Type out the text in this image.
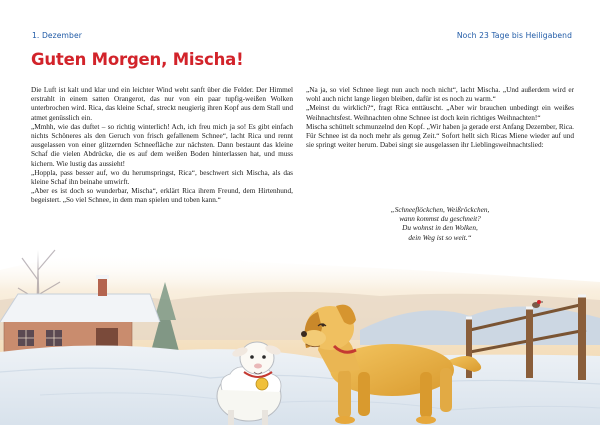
1. Dezember	Noch 23 Tage bis Heiligabend
Guten Morgen, Mischa!

Die Luft ist kalt und klar und ein leichter Wind weht sanft über die Felder. Der Himmel erstrahlt in einem satten Orangerot, das nur von ein paar tupfig-weißen Wolken unterbrochen wird. Rica, das kleine Schaf, streckt neugierig ihren Kopf aus dem Stall und atmet genüsslich ein.

„Mmhh, wie das duftet – so richtig winterlich! Ach, ich freu mich ja so! Es gibt einfach nichts Schöneres als den Geruch von frisch gefallenem Schnee“, lacht Rica und rennt ausgelassen von einer glitzernden Schneefläche zur nächsten. Dann bestaunt das kleine Schaf die vielen Abdrücke, die es auf dem weißen Boden hinterlassen hat, und muss kichern. Wie lustig das aussieht!

„Hoppla, pass besser auf, wo du herumspringst, Rica“, beschwert sich Mischa, als das kleine Schaf ihn beinahe umwirft.

„Aber es ist doch so wunderbar, Mischa“, erklärt Rica ihrem Freund, dem Hirtenhund, begeistert. „So viel Schnee, in dem man spielen und toben kann.“

„Na ja, so viel Schnee liegt nun auch noch nicht“, lacht Mischa. „Und außerdem wird er wohl auch nicht lange liegen bleiben, dafür ist es noch zu warm.“

„Meinst du wirklich?“, fragt Rica enttäuscht. „Aber wir brauchen unbedingt ein weißes Weihnachtsfest. Weihnachten ohne Schnee ist doch kein richtiges Weihnachten!“

Mischa schüttelt schmunzelnd den Kopf. „Wir haben ja gerade erst Anfang Dezember, Rica. Für Schnee ist da noch mehr als genug Zeit.“ Sofort hellt sich Ricas Miene wieder auf und sie springt weiter herum. Dabei singt sie ausgelassen ihr Lieblingsweihnachtslied:

„Schneeflöckchen, Weißröckchen,

wann kommst du geschneit?

Du wohnst in den Wolken,

dein Weg ist so weit.“
